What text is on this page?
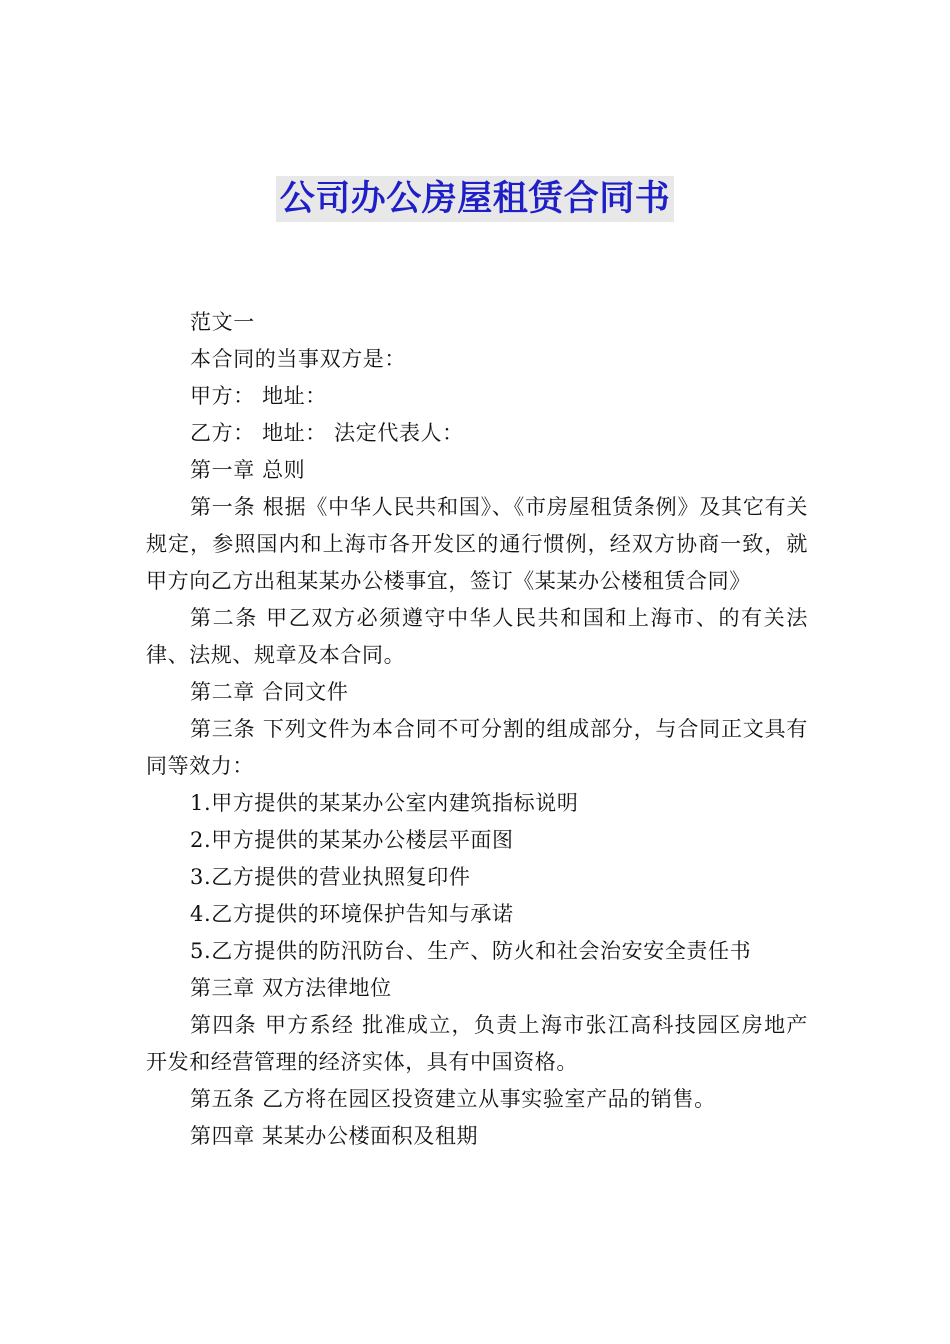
公司办公房屋租赁合同书

范文一

本合同的当事双方是：

甲方： 地址：

乙方： 地址： 法定代表人：

第一章 总则

第一条 根据《中华人民共和国》、《市房屋租赁条例》及其它有关规定，参照国内和上海市各开发区的通行惯例，经双方协商一致，就甲方向乙方出租某某办公楼事宜，签订《某某办公楼租赁合同》

第二条 甲乙双方必须遵守中华人民共和国和上海市、的有关法律、法规、规章及本合同。

第二章 合同文件

第三条 下列文件为本合同不可分割的组成部分，与合同正文具有同等效力：

1.甲方提供的某某办公室内建筑指标说明

2.甲方提供的某某办公楼层平面图

3.乙方提供的营业执照复印件

4.乙方提供的环境保护告知与承诺

5.乙方提供的防汛防台、生产、防火和社会治安安全责任书

第三章 双方法律地位

第四条 甲方系经 批准成立，负责上海市张江高科技园区房地产开发和经营管理的经济实体，具有中国资格。

第五条 乙方将在园区投资建立从事实验室产品的销售。

第四章 某某办公楼面积及租期
